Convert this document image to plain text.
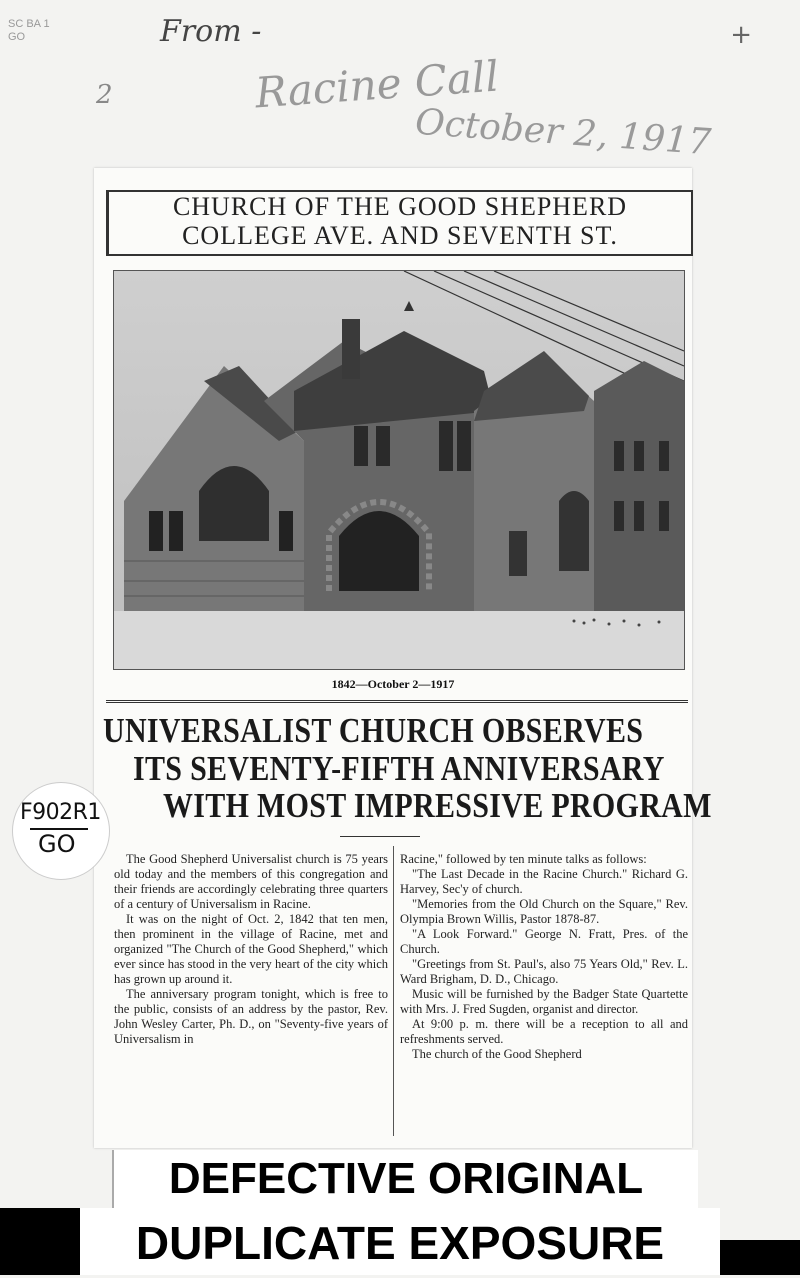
SC BA 1
GO	+
From -
2	Racine Call
October 2, 1917
CHURCH OF THE GOOD SHEPHERD
COLLEGE AVE. AND SEVENTH ST.
1842—October 2—1917
UNIVERSALIST CHURCH OBSERVES
ITS SEVENTY-FIFTH ANNIVERSARY
WITH MOST IMPRESSIVE PROGRAM

The Good Shepherd Universalist church is 75 years old today and the members of this congregation and their friends are accordingly celebrating three quarters of a century of Universalism in Racine.

It was on the night of Oct. 2, 1842 that ten men, then prominent in the village of Racine, met and organized "The Church of the Good Shepherd," which ever since has stood in the very heart of the city which has grown up around it.

The anniversary program tonight, which is free to the public, consists of an address by the pastor, Rev. John Wesley Carter, Ph. D., on "Seventy-five years of Universalism in

Racine," followed by ten minute talks as follows:

"The Last Decade in the Racine Church." Richard G. Harvey, Sec'y of church.

"Memories from the Old Church on the Square," Rev. Olympia Brown Willis, Pastor 1878-87.

"A Look Forward." George N. Fratt, Pres. of the Church.

"Greetings from St. Paul's, also 75 Years Old," Rev. L. Ward Brigham, D. D., Chicago.

Music will be furnished by the Badger State Quartette with Mrs. J. Fred Sugden, organist and director.

At 9:00 p. m. there will be a reception to all and refreshments served.

The church of the Good Shepherd

F902R1
GO
DEFECTIVE ORIGINAL
DUPLICATE EXPOSURE
